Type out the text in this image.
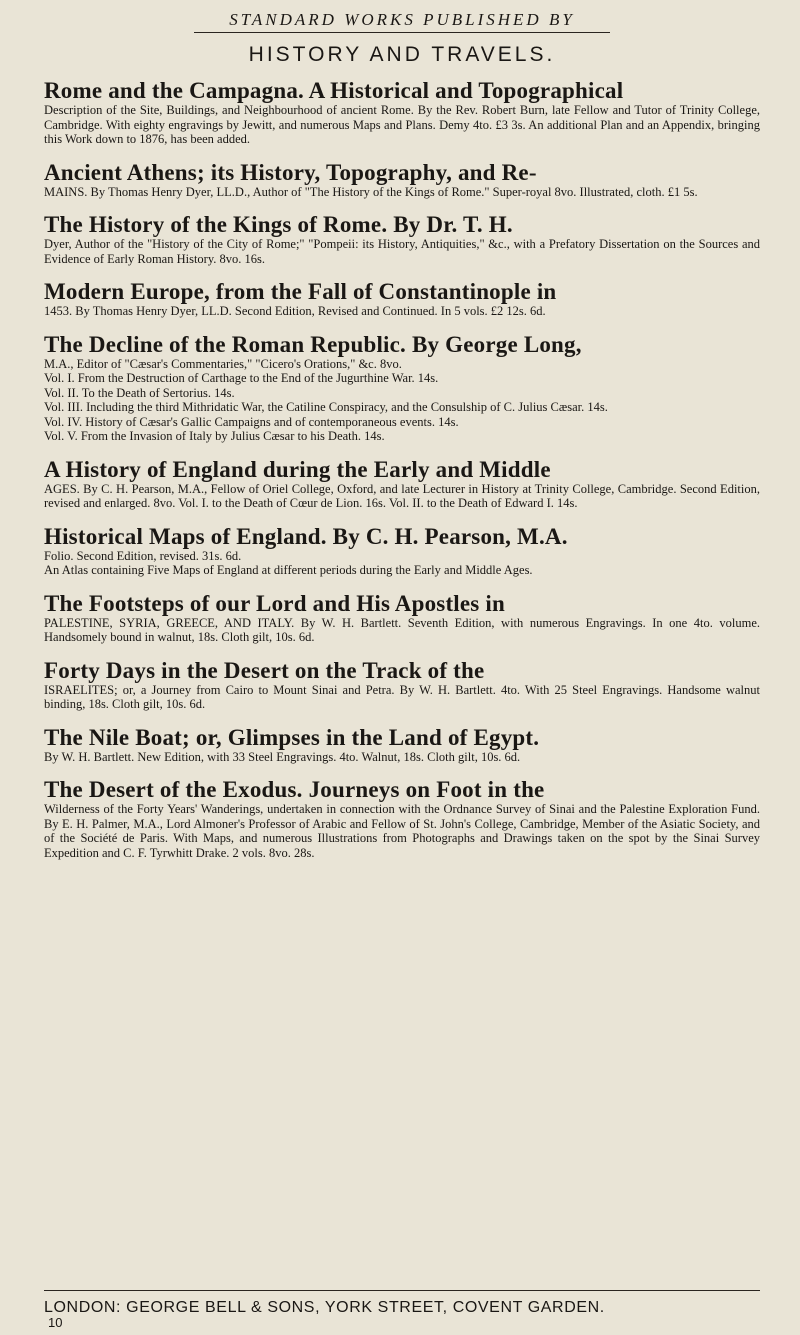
STANDARD WORKS PUBLISHED BY
HISTORY AND TRAVELS.
Rome and the Campagna. A Historical and Topographical
Description of the Site, Buildings, and Neighbourhood of ancient Rome. By the Rev. Robert Burn, late Fellow and Tutor of Trinity College, Cambridge. With eighty engravings by Jewitt, and numerous Maps and Plans. Demy 4to. £3 3s. An additional Plan and an Appendix, bringing this Work down to 1876, has been added.
Ancient Athens; its History, Topography, and Re-
MAINS. By Thomas Henry Dyer, LL.D., Author of "The History of the Kings of Rome." Super-royal 8vo. Illustrated, cloth. £1 5s.
The History of the Kings of Rome. By Dr. T. H.
Dyer, Author of the "History of the City of Rome;" "Pompeii: its History, Antiquities," &c., with a Prefatory Dissertation on the Sources and Evidence of Early Roman History. 8vo. 16s.
Modern Europe, from the Fall of Constantinople in
1453. By Thomas Henry Dyer, LL.D. Second Edition, Revised and Continued. In 5 vols. £2 12s. 6d.
The Decline of the Roman Republic. By George Long,
M.A., Editor of "Cæsar's Commentaries," "Cicero's Orations," &c. 8vo.
Vol. I. From the Destruction of Carthage to the End of the Jugurthine War. 14s.
Vol. II. To the Death of Sertorius. 14s.
Vol. III. Including the third Mithridatic War, the Catiline Conspiracy, and the Consulship of C. Julius Cæsar. 14s.
Vol. IV. History of Cæsar's Gallic Campaigns and of contemporaneous events. 14s.
Vol. V. From the Invasion of Italy by Julius Cæsar to his Death. 14s.
A History of England during the Early and Middle
AGES. By C. H. Pearson, M.A., Fellow of Oriel College, Oxford, and late Lecturer in History at Trinity College, Cambridge. Second Edition, revised and enlarged. 8vo. Vol. I. to the Death of Cœur de Lion. 16s. Vol. II. to the Death of Edward I. 14s.
Historical Maps of England. By C. H. Pearson, M.A.
Folio. Second Edition, revised. 31s. 6d.
An Atlas containing Five Maps of England at different periods during the Early and Middle Ages.
The Footsteps of our Lord and His Apostles in
PALESTINE, SYRIA, GREECE, AND ITALY. By W. H. Bartlett. Seventh Edition, with numerous Engravings. In one 4to. volume. Handsomely bound in walnut, 18s. Cloth gilt, 10s. 6d.
Forty Days in the Desert on the Track of the
ISRAELITES; or, a Journey from Cairo to Mount Sinai and Petra. By W. H. Bartlett. 4to. With 25 Steel Engravings. Handsome walnut binding, 18s. Cloth gilt, 10s. 6d.
The Nile Boat; or, Glimpses in the Land of Egypt.
By W. H. Bartlett. New Edition, with 33 Steel Engravings. 4to. Walnut, 18s. Cloth gilt, 10s. 6d.
The Desert of the Exodus. Journeys on Foot in the
Wilderness of the Forty Years' Wanderings, undertaken in connection with the Ordnance Survey of Sinai and the Palestine Exploration Fund. By E. H. Palmer, M.A., Lord Almoner's Professor of Arabic and Fellow of St. John's College, Cambridge, Member of the Asiatic Society, and of the Société de Paris. With Maps, and numerous Illustrations from Photographs and Drawings taken on the spot by the Sinai Survey Expedition and C. F. Tyrwhitt Drake. 2 vols. 8vo. 28s.
LONDON: GEORGE BELL & SONS, YORK STREET, COVENT GARDEN.
10
